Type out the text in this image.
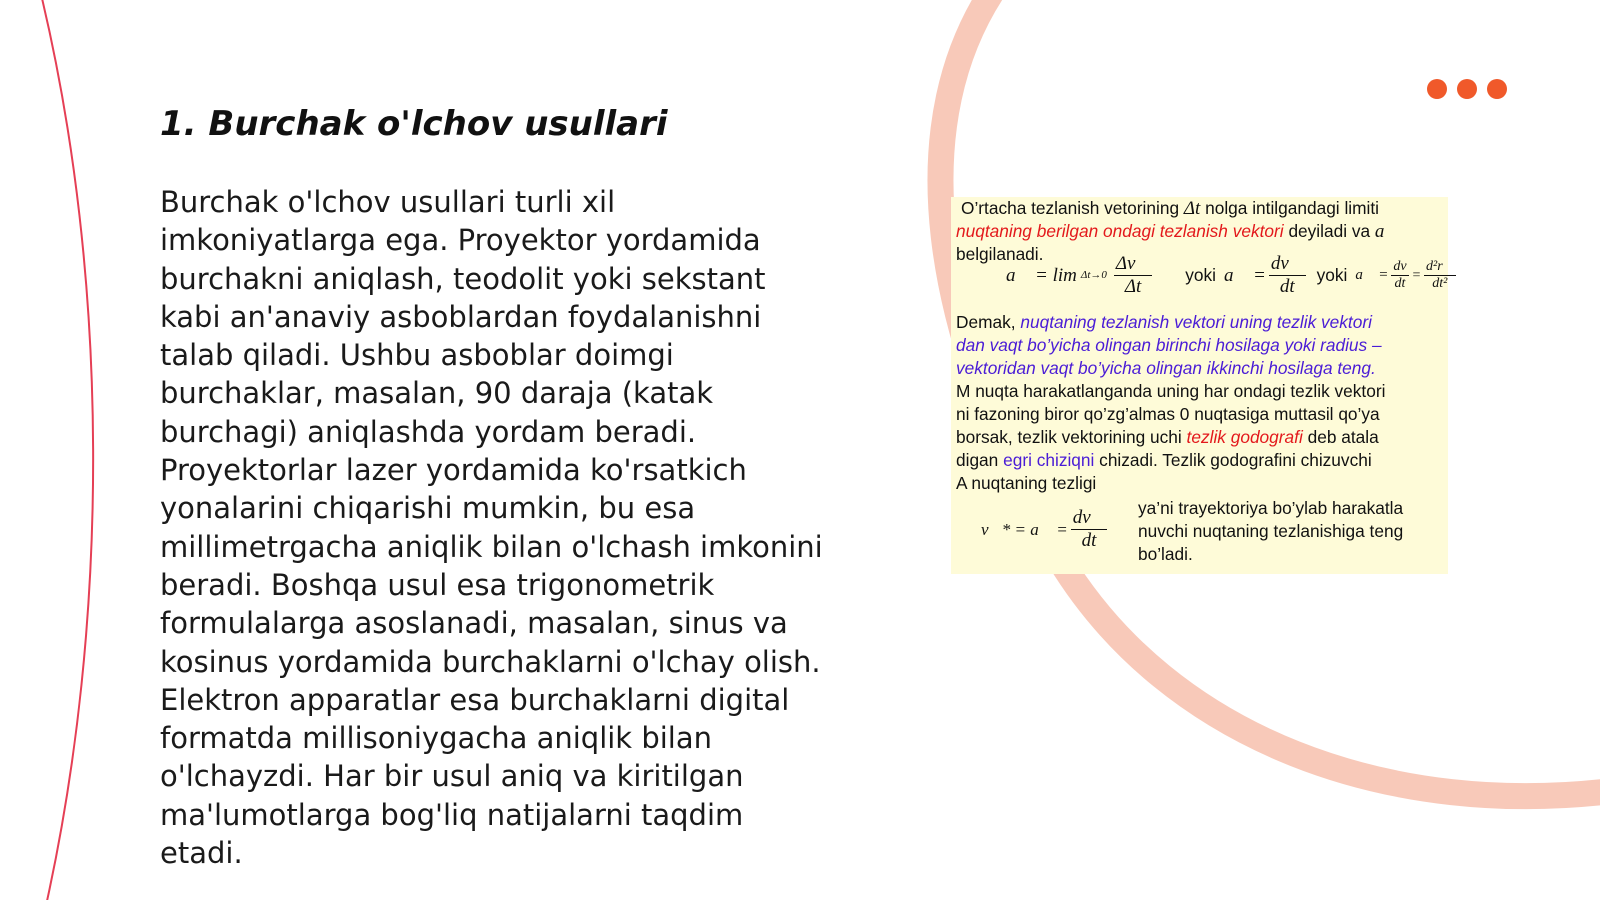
1. Burchak o'lchov usullari

Burchak o'lchov usullari turli xil imkoniyatlarga ega. Proyektor yordamida burchakni aniqlash, teodolit yoki sekstant kabi an'anaviy asboblardan foydalanishni talab qiladi. Ushbu asboblar doimgi burchaklar, masalan, 90 daraja (katak burchagi) aniqlashda yordam beradi. Proyektorlar lazer yordamida ko'rsatkich yonalarini chiqarishi mumkin, bu esa millimetrgacha aniqlik bilan o'lchash imkonini beradi. Boshqa usul esa trigonometrik formulalarga asoslanadi, masalan, sinus va kosinus yordamida burchaklarni o'lchay olish. Elektron apparatlar esa burchaklarni digital formatda millisoniygacha aniqlik bilan o'lchayzdi. Har bir usul aniq va kiritilgan ma'lumotlarga bog'liq natijalarni taqdim etadi.

O’rtacha tezlanish vetorining Δt nolga intilgandagi limiti
nuqtaning berilgan ondagi tezlanish vektori deyiladi va a⃗
belgilanadi.
a⃗ = $\lim \Delta t\to 0 \frac{\Delta v⃗}{\Delta t}$ yoki a⃗ = $\frac{dv⃗}{dt}$ yoki a⃗ = $\frac{dv}{dt} = \frac{\text{d²r⃗}}{\text{dt²}}$
Demak, nuqtaning tezlanish vektori uning tezlik vektori
dan vaqt bo’yicha olingan birinchi hosilaga yoki radius –
vektoridan vaqt bo’yicha olingan ikkinchi hosilaga teng.
M nuqta harakatlanganda uning har ondagi tezlik vektori
ni fazoning biror qo’zg’almas 0 nuqtasiga muttasil qo’ya
borsak, tezlik vektorining uchi tezlik godografi deb atala
digan egri chiziqni chizadi. Tezlik godografini chizuvchi
A nuqtaning tezligi
v⃗* = a⃗ = $\frac{dv⃗}{dt}$ ya’ni trayektoriya bo’ylab harakatla
nuvchi nuqtaning tezlanishiga teng
bo’ladi.
